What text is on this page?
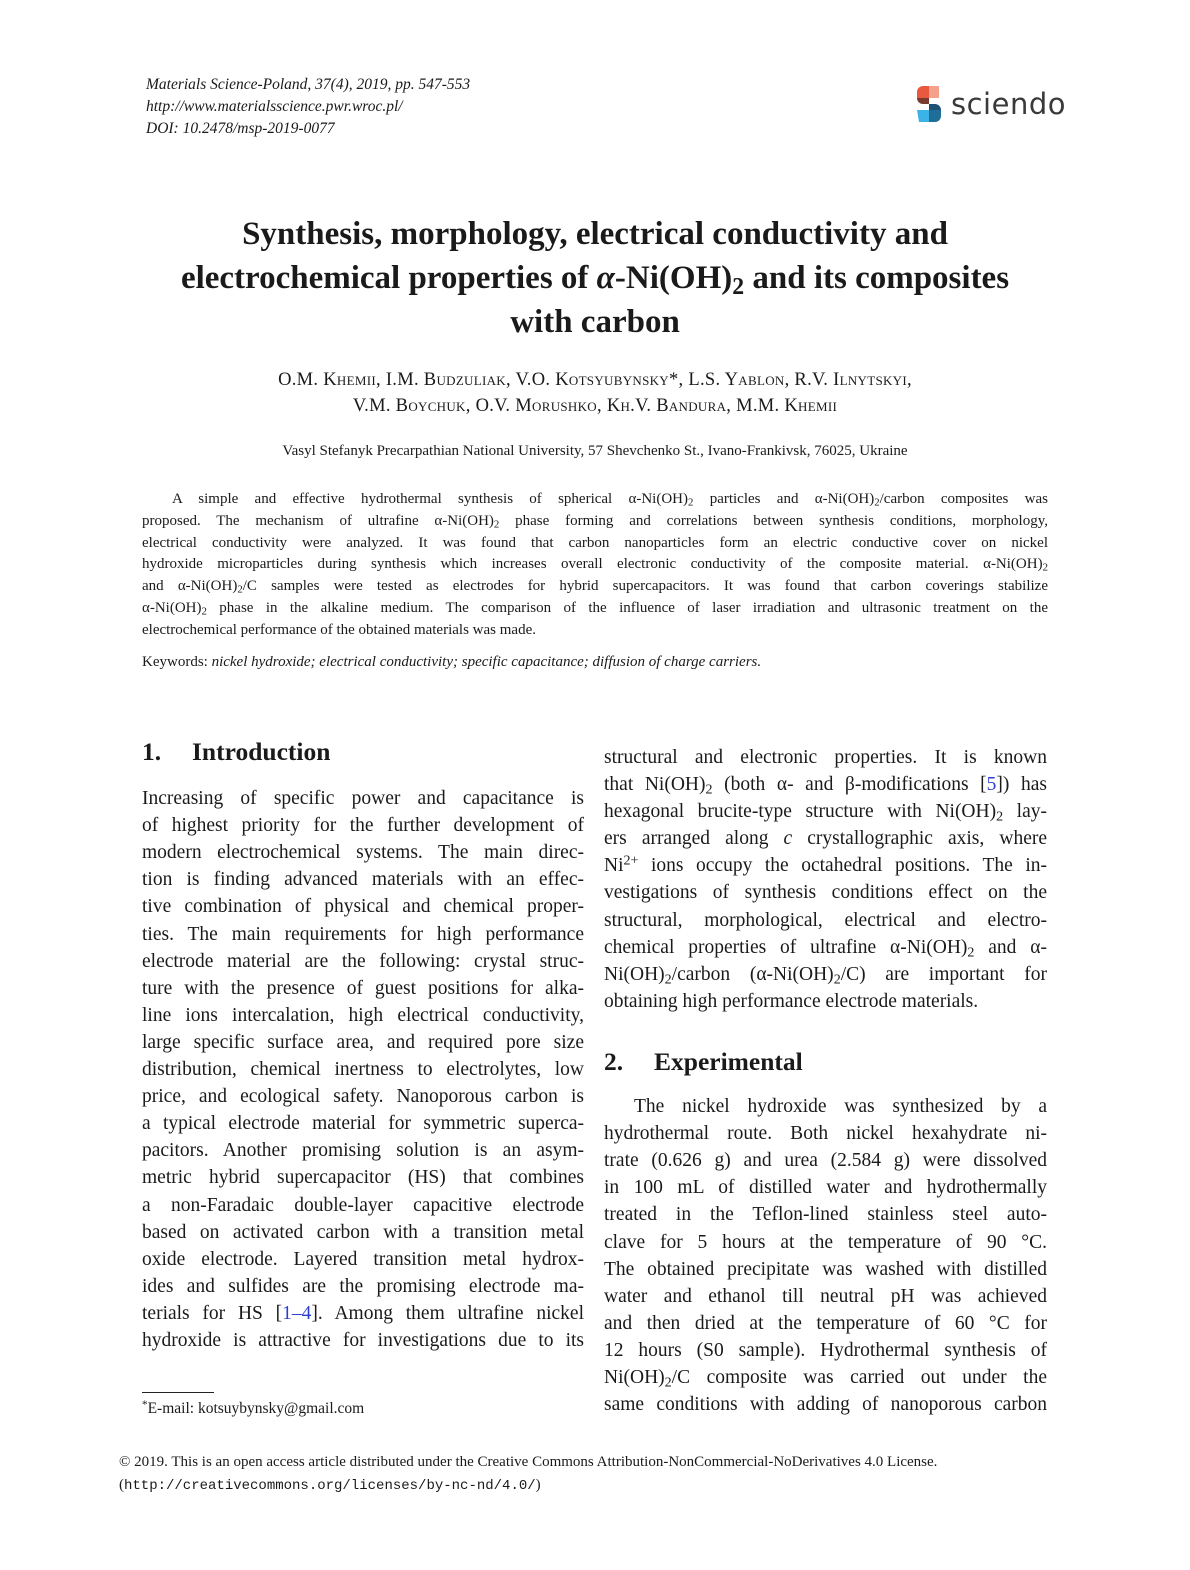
Materials Science-Poland, 37(4), 2019, pp. 547-553
http://www.materialsscience.pwr.wroc.pl/
DOI: 10.2478/msp-2019-0077
sciendo
Synthesis, morphology, electrical conductivity and
electrochemical properties of $\alpha-Ni(OH)_2$ and its composites
with carbon
O.M. Khemii, I.M. Budzuliak, V.O. Kotsyubynsky*, L.S. Yablon, R.V. Ilnytskyi,
V.M. Boychuk, O.V. Morushko, Kh.V. Bandura, M.M. Khemii
Vasyl Stefanyk Precarpathian National University, 57 Shevchenko St., Ivano-Frankivsk, 76025, Ukraine
A simple and effective hydrothermal synthesis of spherical $\alpha-Ni(OH)_2$ particles and $\alpha-Ni(OH)_2$/carbon composites was
proposed. The mechanism of ultrafine $\alpha-Ni(OH)_2$ phase forming and correlations between synthesis conditions, morphology,
electrical conductivity were analyzed. It was found that carbon nanoparticles form an electric conductive cover on nickel
hydroxide microparticles during synthesis which increases overall electronic conductivity of the composite material. $\alpha-Ni(OH)_2$
and $\alpha-Ni(OH)_2/C$ samples were tested as electrodes for hybrid supercapacitors. It was found that carbon coverings stabilize
$\alpha-Ni(OH)_2$ phase in the alkaline medium. The comparison of the influence of laser irradiation and ultrasonic treatment on the
electrochemical performance of the obtained materials was made.
Keywords: nickel hydroxide; electrical conductivity; specific capacitance; diffusion of charge carriers.
1. Introduction
Increasing of specific power and capacitance is
of highest priority for the further development of
modern electrochemical systems. The main direc-
tion is finding advanced materials with an effec-
tive combination of physical and chemical proper-
ties. The main requirements for high performance
electrode material are the following: crystal struc-
ture with the presence of guest positions for alka-
line ions intercalation, high electrical conductivity,
large specific surface area, and required pore size
distribution, chemical inertness to electrolytes, low
price, and ecological safety. Nanoporous carbon is
a typical electrode material for symmetric superca-
pacitors. Another promising solution is an asym-
metric hybrid supercapacitor (HS) that combines
a non-Faradaic double-layer capacitive electrode
based on activated carbon with a transition metal
oxide electrode. Layered transition metal hydrox-
ides and sulfides are the promising electrode ma-
terials for HS [1–4]. Among them ultrafine nickel
hydroxide is attractive for investigations due to its
structural and electronic properties. It is known
that $Ni(OH)_2$ (both α- and β-modifications [5]) has
hexagonal brucite-type structure with $Ni(OH)_2$ lay-
ers arranged along c crystallographic axis, where
$Ni^{2+}$ ions occupy the octahedral positions. The in-
vestigations of synthesis conditions effect on the
structural, morphological, electrical and electro-
chemical properties of ultrafine $\alpha-Ni(OH)_2$ and α-
$Ni(OH)_2$/carbon $(\alpha-Ni(OH)_2/C)$ are important for
obtaining high performance electrode materials.
2. Experimental
The nickel hydroxide was synthesized by a
hydrothermal route. Both nickel hexahydrate ni-
trate (0.626 g) and urea (2.584 g) were dissolved
in 100 mL of distilled water and hydrothermally
treated in the Teflon-lined stainless steel auto-
clave for 5 hours at the temperature of 90 °C.
The obtained precipitate was washed with distilled
water and ethanol till neutral pH was achieved
and then dried at the temperature of 60 °C for
12 hours (S0 sample). Hydrothermal synthesis of
$Ni(OH)_2/C$ composite was carried out under the
same conditions with adding of nanoporous carbon
*E-mail: kotsuybynsky@gmail.com
© 2019. This is an open access article distributed under the Creative Commons Attribution-NonCommercial-NoDerivatives 4.0 License.
(http://creativecommons.org/licenses/by-nc-nd/4.0/)
